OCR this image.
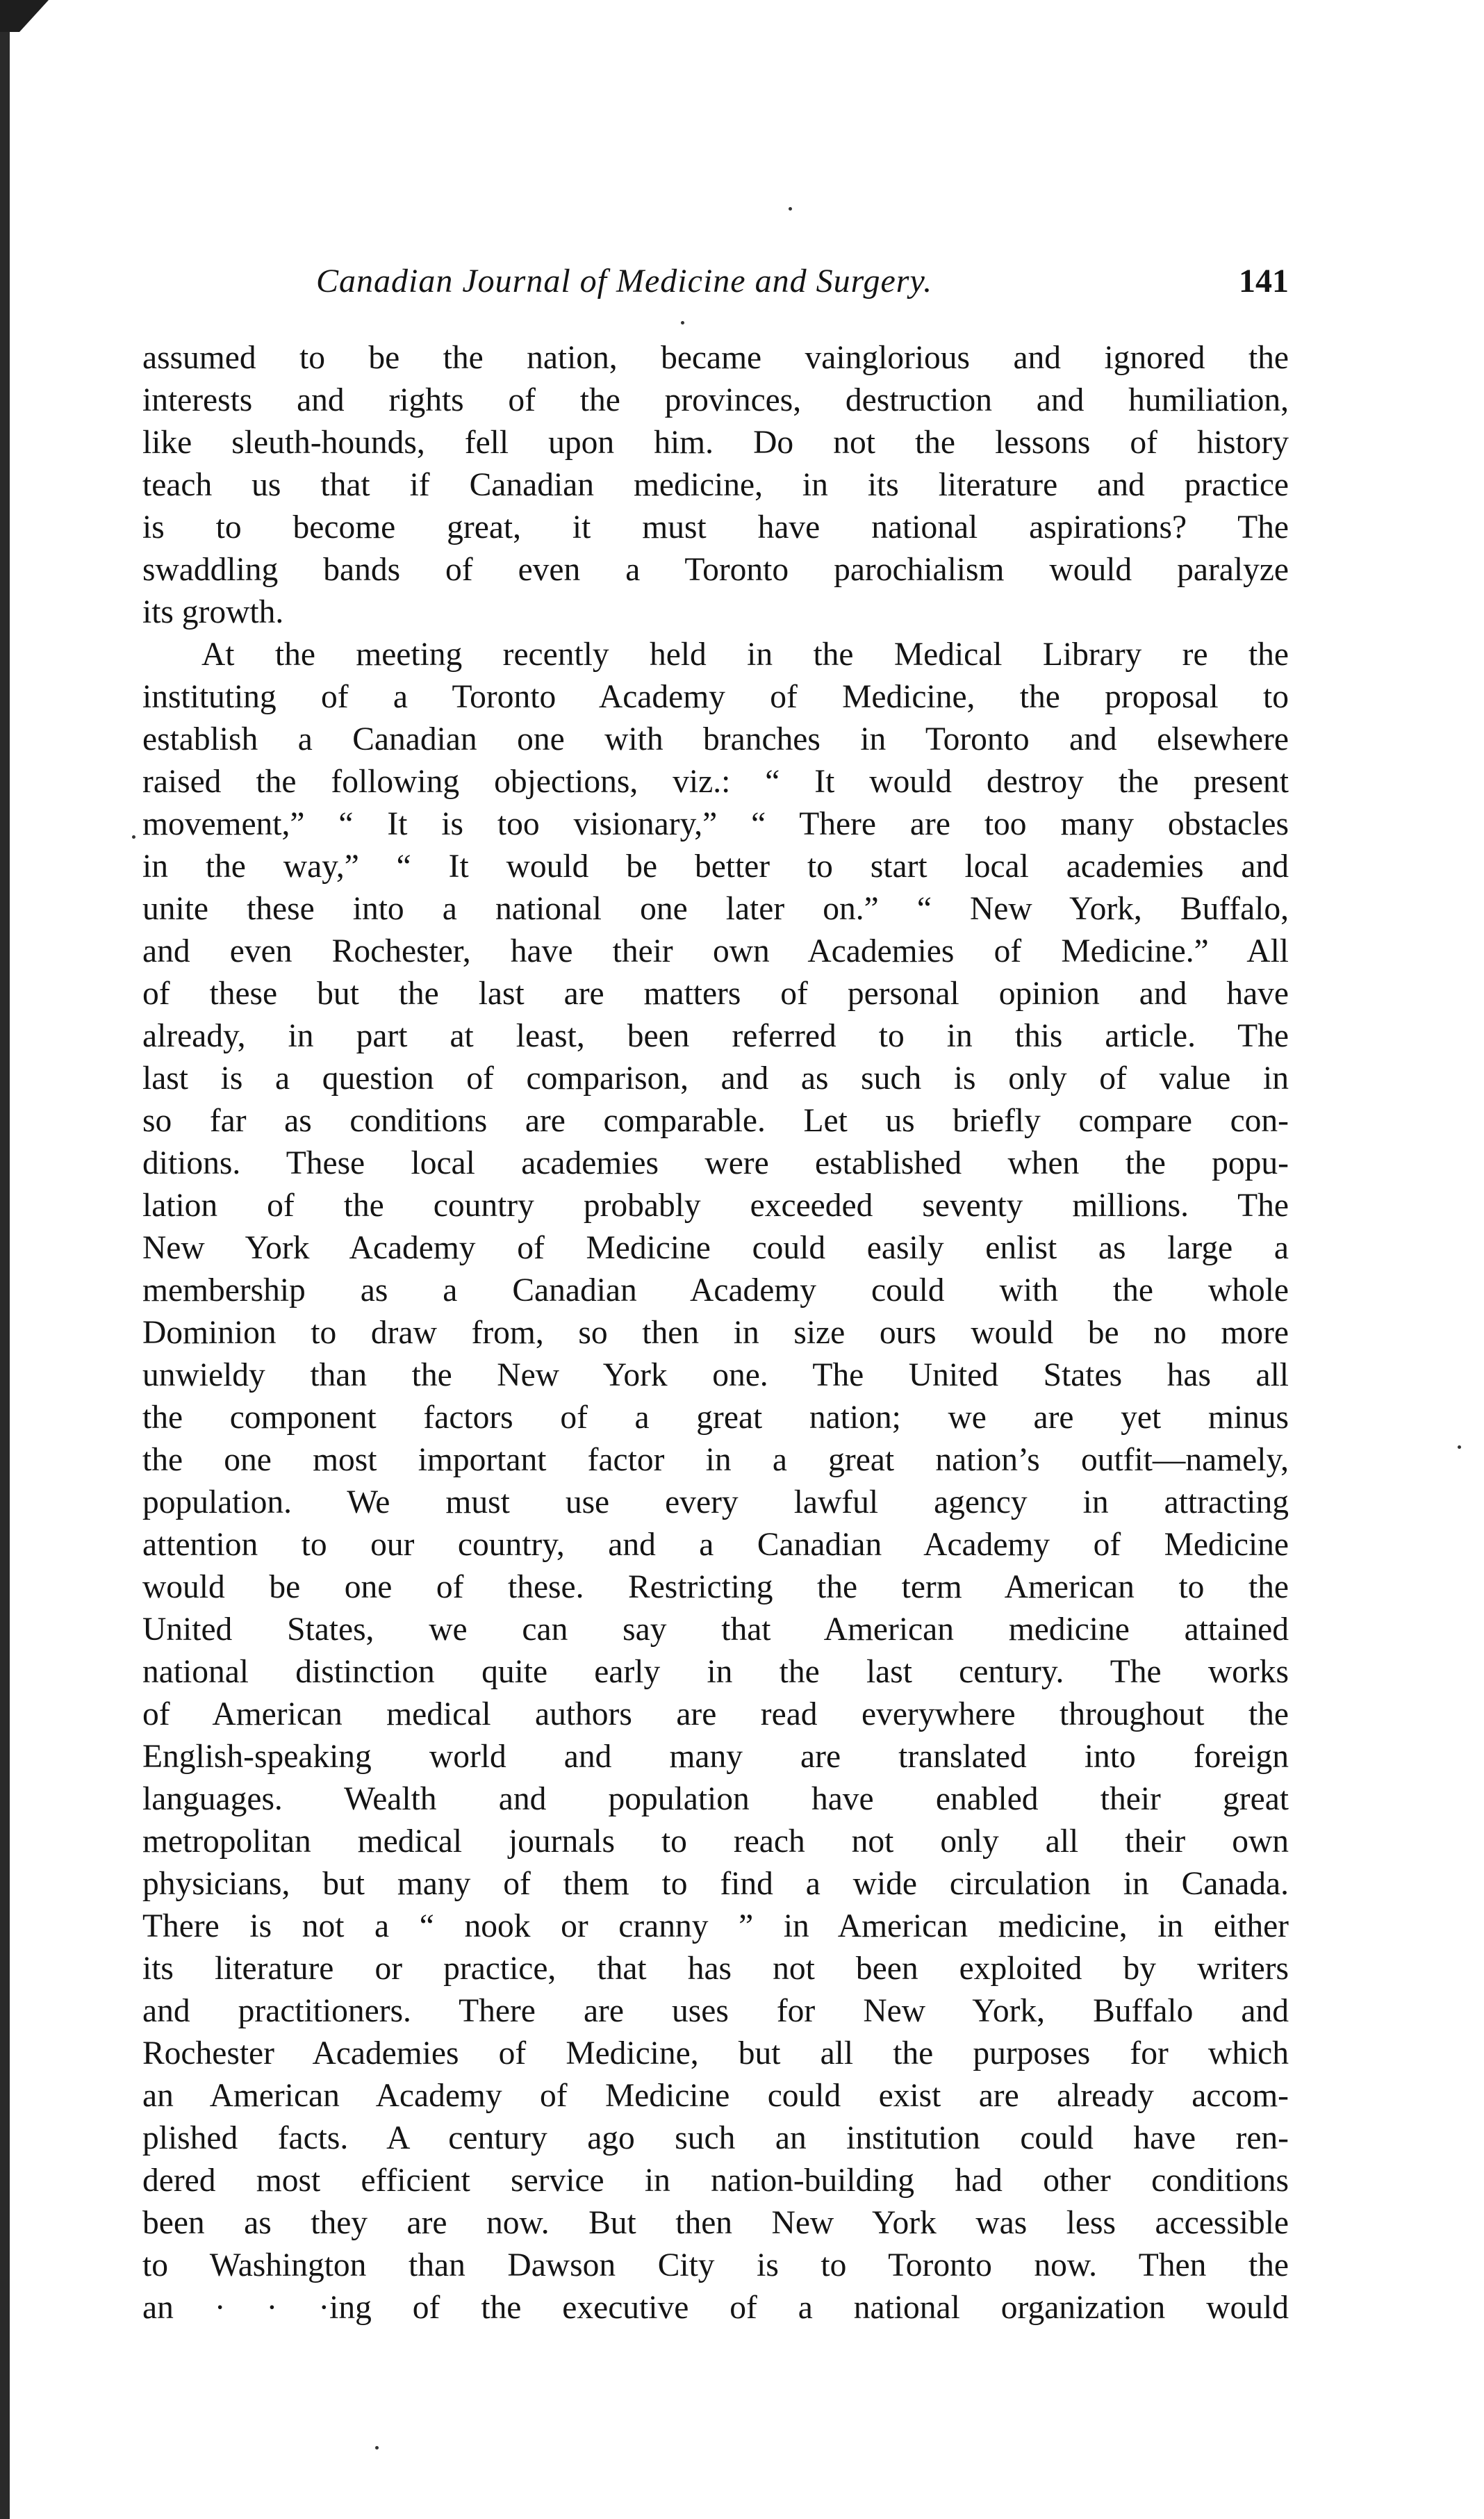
Canadian Journal of Medicine and Surgery.	141
assumed to be the nation, became vainglorious and ignored the
interests and rights of the provinces, destruction and humiliation,
like sleuth-hounds, fell upon him. Do not the lessons of history
teach us that if Canadian medicine, in its literature and practice
is to become great, it must have national aspirations? The
swaddling bands of even a Toronto parochialism would paralyze
its growth.
At the meeting recently held in the Medical Library re the
instituting of a Toronto Academy of Medicine, the proposal to
establish a Canadian one with branches in Toronto and elsewhere
raised the following objections, viz.: “ It would destroy the present
movement,” “ It is too visionary,” “ There are too many obstacles
in the way,” “ It would be better to start local academies and
unite these into a national one later on.” “ New York, Buffalo,
and even Rochester, have their own Academies of Medicine.” All
of these but the last are matters of personal opinion and have
already, in part at least, been referred to in this article. The
last is a question of comparison, and as such is only of value in
so far as conditions are comparable. Let us briefly compare con-
ditions. These local academies were established when the popu-
lation of the country probably exceeded seventy millions. The
New York Academy of Medicine could easily enlist as large a
membership as a Canadian Academy could with the whole
Dominion to draw from, so then in size ours would be no more
unwieldy than the New York one. The United States has all
the component factors of a great nation; we are yet minus
the one most important factor in a great nation’s outfit—namely,
population. We must use every lawful agency in attracting
attention to our country, and a Canadian Academy of Medicine
would be one of these. Restricting the term American to the
United States, we can say that American medicine attained
national distinction quite early in the last century. The works
of American medical authors are read everywhere throughout the
English-speaking world and many are translated into foreign
languages. Wealth and population have enabled their great
metropolitan medical journals to reach not only all their own
physicians, but many of them to find a wide circulation in Canada.
There is not a “ nook or cranny ” in American medicine, in either
its literature or practice, that has not been exploited by writers
and practitioners. There are uses for New York, Buffalo and
Rochester Academies of Medicine, but all the purposes for which
an American Academy of Medicine could exist are already accom-
plished facts. A century ago such an institution could have ren-
dered most efficient service in nation-building had other conditions
been as they are now. But then New York was less accessible
to Washington than Dawson City is to Toronto now. Then the
an · · ·ing of the executive of a national organization would
